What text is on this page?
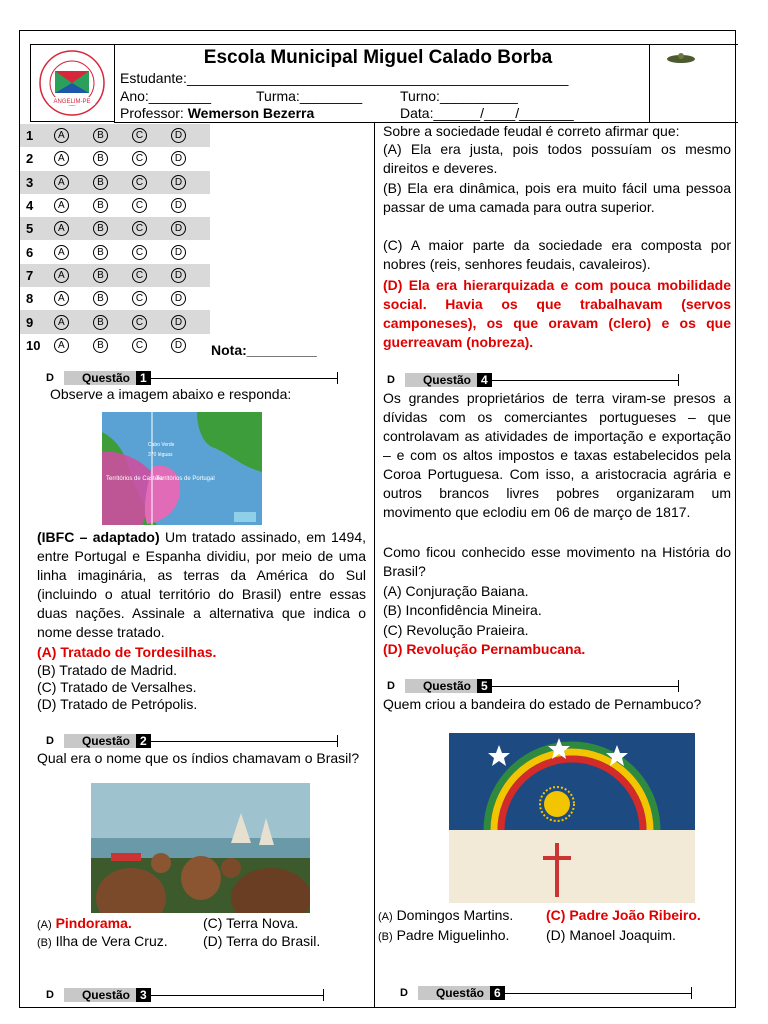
ANGELIM-PE
Escola Municipal Miguel Calado Borba
Estudante:_________________________________________________
Ano:________	Turma:________	Turno:__________
Professor: Wemerson Bezerra	Data:______/____/_______
1	A	B	C	D
2	A	B	C	D
3	A	B	C	D
4	A	B	C	D
5	A	B	C	D
6	A	B	C	D
7	A	B	C	D
8	A	B	C	D
9	A	B	C	D
10	A	B	C	D Nota:_________
D	Questão 1
Observe a imagem abaixo e responda:
Cabo Verde
370 léguas
Territórios de Castela
Territórios de Portugal
(IBFC – adaptado) Um tratado assinado, em 1494, entre Portugal e Espanha dividiu, por meio de uma linha imaginária, as terras da América do Sul (incluindo o atual território do Brasil) entre essas duas nações. Assinale a alternativa que indica o nome desse tratado.
(A) Tratado de Tordesilhas.
(B) Tratado de Madrid.
(C) Tratado de Versalhes.
(D) Tratado de Petrópolis.
D	Questão 2
Qual era o nome que os índios chamavam o Brasil?
(A) Pindorama.	(C) Terra Nova.
(B) Ilha de Vera Cruz.	(D) Terra do Brasil.
D	Questão 3
Sobre a sociedade feudal é correto afirmar que:
(A) Ela era justa, pois todos possuíam os mesmo direitos e deveres.
(B) Ela era dinâmica, pois era muito fácil uma pessoa passar de uma camada para outra superior.
(C) A maior parte da sociedade era composta por nobres (reis, senhores feudais, cavaleiros).
(D) Ela era hierarquizada e com pouca mobilidade social. Havia os que trabalhavam (servos camponeses), os que oravam (clero) e os que guerreavam (nobreza).
D	Questão 4
Os grandes proprietários de terra viram-se presos a dívidas com os comerciantes portugueses – que controlavam as atividades de importação e exportação – e com os altos impostos e taxas estabelecidos pela Coroa Portuguesa. Com isso, a aristocracia agrária e outros brancos livres pobres organizaram um movimento que eclodiu em 06 de março de 1817.
Como ficou conhecido esse movimento na História do Brasil?
(A) Conjuração Baiana.
(B) Inconfidência Mineira.
(C) Revolução Praieira.
(D) Revolução Pernambucana.
D	Questão 5
Quem criou a bandeira do estado de Pernambuco?
(A) Domingos Martins. (C) Padre João Ribeiro.
(B) Padre Miguelinho.	(D) Manoel Joaquim.
D	Questão 6
